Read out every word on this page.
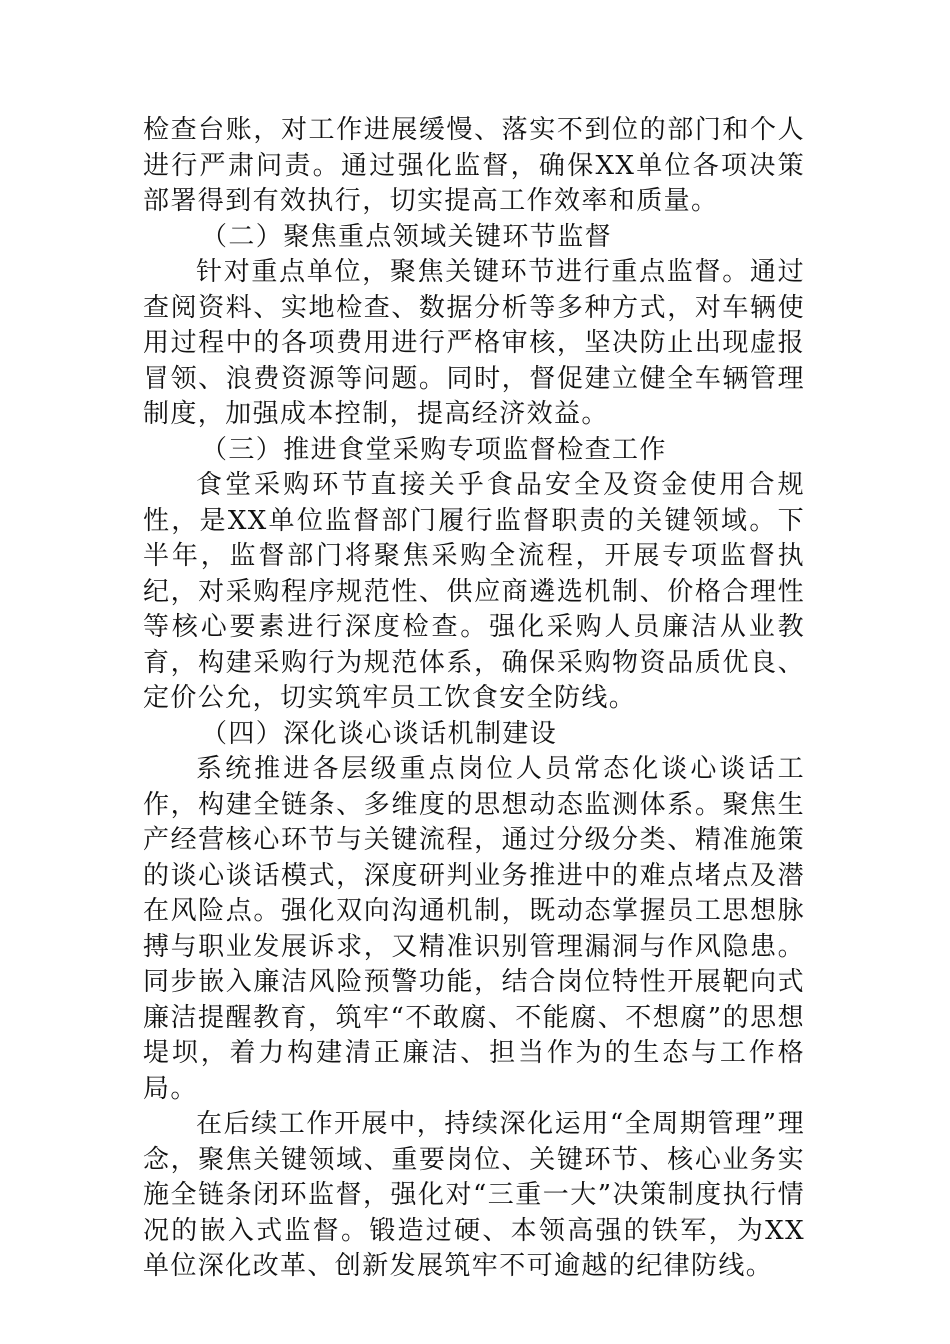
检查台账，对工作进展缓慢、落实不到位的部门和个人进行严肃问责。通过强化监督，确保XX单位各项决策部署得到有效执行，切实提高工作效率和质量。

（二）聚焦重点领域关键环节监督

针对重点单位，聚焦关键环节进行重点监督。通过查阅资料、实地检查、数据分析等多种方式，对车辆使用过程中的各项费用进行严格审核，坚决防止出现虚报冒领、浪费资源等问题。同时，督促建立健全车辆管理制度，加强成本控制，提高经济效益。

（三）推进食堂采购专项监督检查工作

食堂采购环节直接关乎食品安全及资金使用合规性，是XX单位监督部门履行监督职责的关键领域。下半年，监督部门将聚焦采购全流程，开展专项监督执纪，对采购程序规范性、供应商遴选机制、价格合理性等核心要素进行深度检查。强化采购人员廉洁从业教育，构建采购行为规范体系，确保采购物资品质优良、定价公允，切实筑牢员工饮食安全防线。

（四）深化谈心谈话机制建设

系统推进各层级重点岗位人员常态化谈心谈话工作，构建全链条、多维度的思想动态监测体系。聚焦生产经营核心环节与关键流程，通过分级分类、精准施策的谈心谈话模式，深度研判业务推进中的难点堵点及潜在风险点。强化双向沟通机制，既动态掌握员工思想脉搏与职业发展诉求，又精准识别管理漏洞与作风隐患。同步嵌入廉洁风险预警功能，结合岗位特性开展靶向式廉洁提醒教育，筑牢“不敢腐、不能腐、不想腐”的思想堤坝，着力构建清正廉洁、担当作为的生态与工作格局。

在后续工作开展中，持续深化运用“全周期管理”理念，聚焦关键领域、重要岗位、关键环节、核心业务实施全链条闭环监督，强化对“三重一大”决策制度执行情况的嵌入式监督。锻造过硬、本领高强的铁军，为XX单位深化改革、创新发展筑牢不可逾越的纪律防线。
